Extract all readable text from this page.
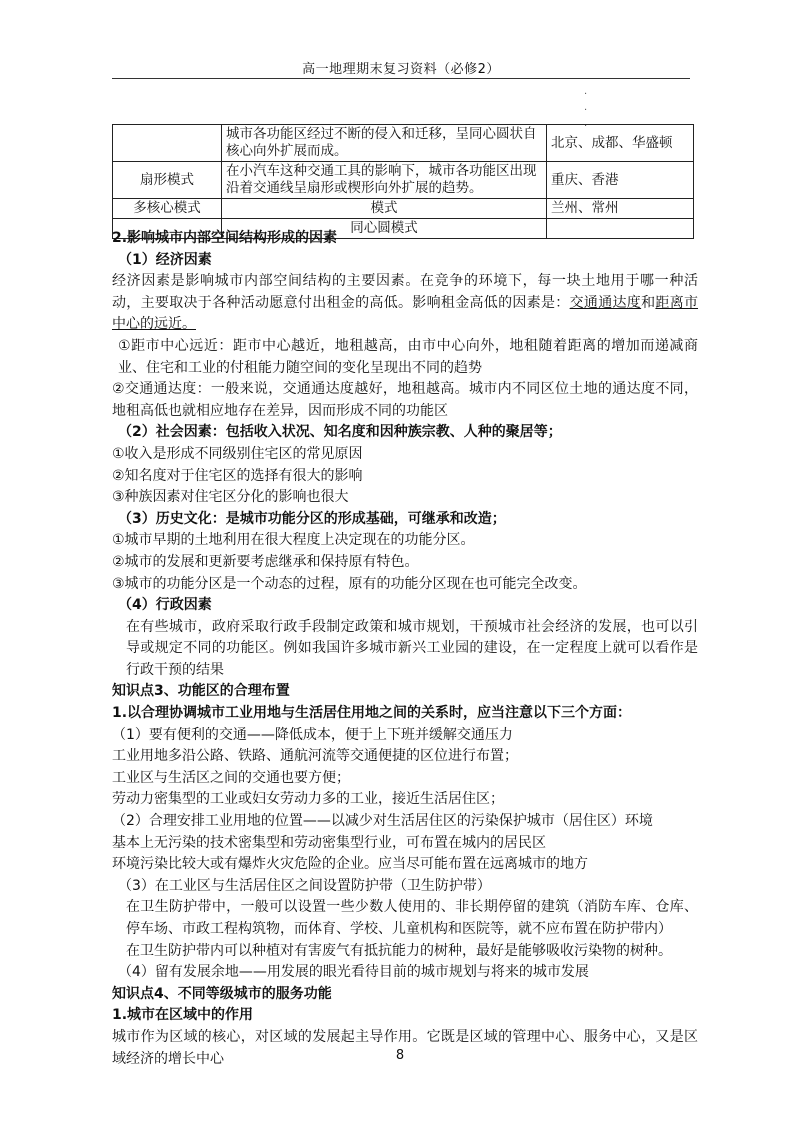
高一地理期末复习资料（必修2）
.
.
.
	城市各功能区经过不断的侵入和迁移，呈同心圆状自核心向外扩展而成。	北京、成都、华盛顿
扇形模式	在小汽车这种交通工具的影响下，城市各功能区出现沿着交通线呈扇形或楔形向外扩展的趋势。	重庆、香港
多核心模式	模式	兰州、常州
	同心圆模式	

2.影响城市内部空间结构形成的因素

（1）经济因素

经济因素是影响城市内部空间结构的主要因素。在竞争的环境下，每一块土地用于哪一种活动，主要取决于各种活动愿意付出租金的高低。影响租金高低的因素是：交通通达度和距离市中心的远近。

①距市中心远近：距市中心越近，地租越高，由市中心向外，地租随着距离的增加而递减商业、住宅和工业的付租能力随空间的变化呈现出不同的趋势

②交通通达度：一般来说，交通通达度越好，地租越高。城市内不同区位土地的通达度不同，地租高低也就相应地存在差异，因而形成不同的功能区

（2）社会因素：包括收入状况、知名度和因种族宗教、人种的聚居等；

①收入是形成不同级别住宅区的常见原因

②知名度对于住宅区的选择有很大的影响

③种族因素对住宅区分化的影响也很大

（3）历史文化：是城市功能分区的形成基础，可继承和改造；

①城市早期的土地利用在很大程度上决定现在的功能分区。

②城市的发展和更新要考虑继承和保持原有特色。

③城市的功能分区是一个动态的过程，原有的功能分区现在也可能完全改变。

（4）行政因素

在有些城市，政府采取行政手段制定政策和城市规划，干预城市社会经济的发展，也可以引导或规定不同的功能区。例如我国许多城市新兴工业园的建设，在一定程度上就可以看作是行政干预的结果

知识点3、功能区的合理布置

1.以合理协调城市工业用地与生活居住用地之间的关系时，应当注意以下三个方面：

（1）要有便利的交通——降低成本，便于上下班并缓解交通压力

工业用地多沿公路、铁路、通航河流等交通便捷的区位进行布置；

工业区与生活区之间的交通也要方便；

劳动力密集型的工业或妇女劳动力多的工业，接近生活居住区；

（2）合理安排工业用地的位置——以减少对生活居住区的污染保护城市（居住区）环境

基本上无污染的技术密集型和劳动密集型行业，可布置在城内的居民区

环境污染比较大或有爆炸火灾危险的企业。应当尽可能布置在远离城市的地方

（3）在工业区与生活居住区之间设置防护带（卫生防护带）

在卫生防护带中，一般可以设置一些少数人使用的、非长期停留的建筑（消防车库、仓库、停车场、市政工程构筑物，而体育、学校、儿童机构和医院等，就不应布置在防护带内）

在卫生防护带内可以种植对有害废气有抵抗能力的树种，最好是能够吸收污染物的树种。

（4）留有发展余地——用发展的眼光看待目前的城市规划与将来的城市发展

知识点4、不同等级城市的服务功能

1.城市在区域中的作用

城市作为区域的核心，对区域的发展起主导作用。它既是区域的管理中心、服务中心，又是区域经济的增长中心	8
